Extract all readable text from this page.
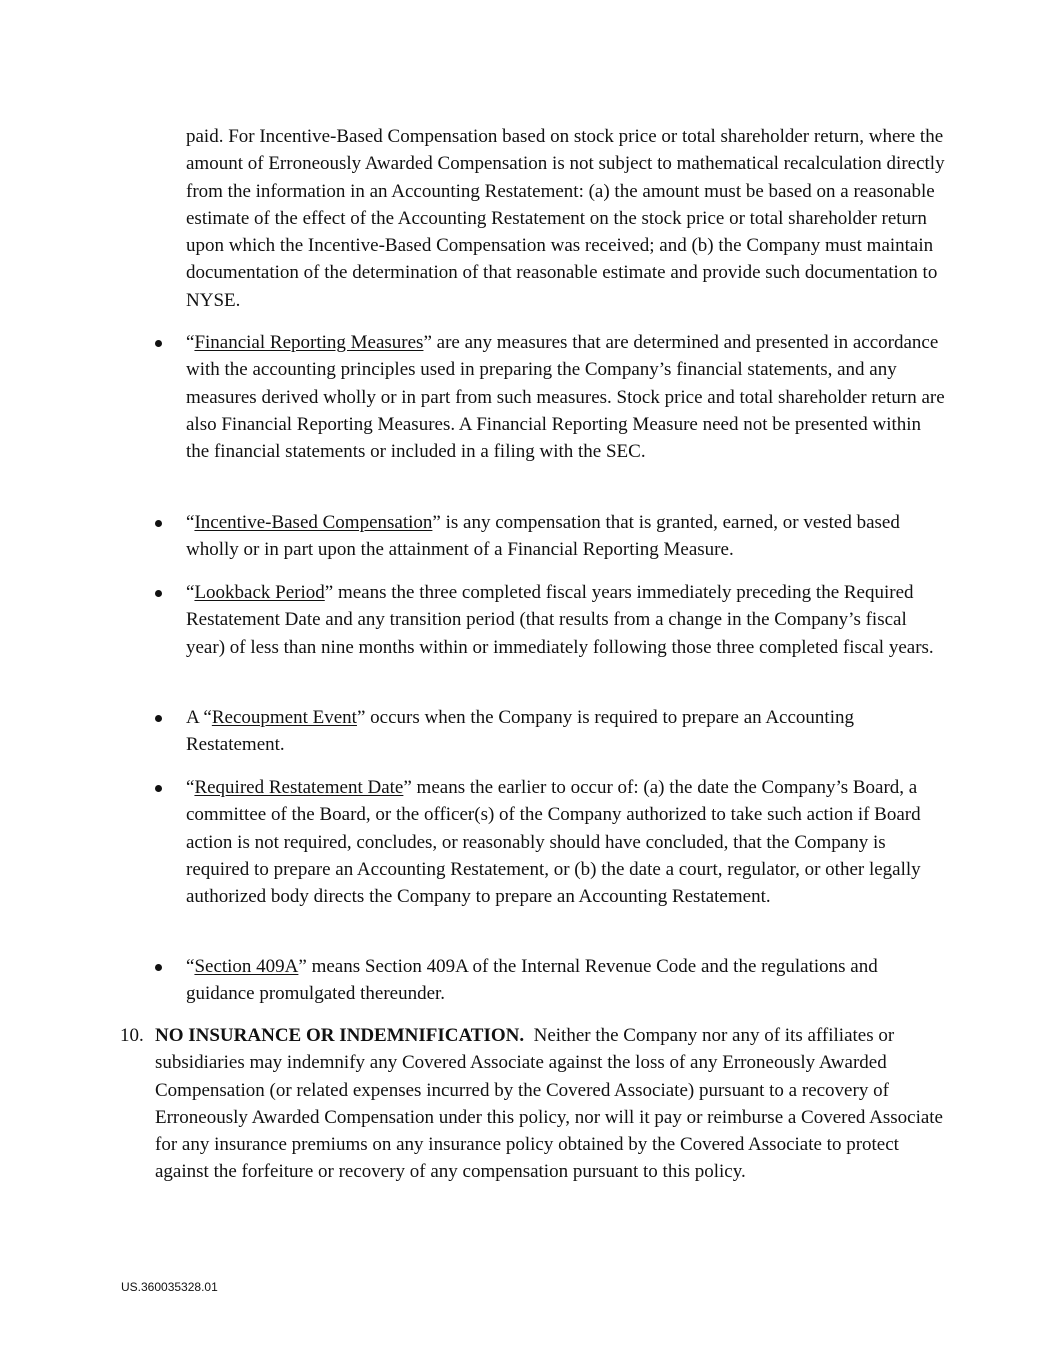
paid. For Incentive-Based Compensation based on stock price or total shareholder return, where the amount of Erroneously Awarded Compensation is not subject to mathematical recalculation directly from the information in an Accounting Restatement: (a) the amount must be based on a reasonable estimate of the effect of the Accounting Restatement on the stock price or total shareholder return upon which the Incentive-Based Compensation was received; and (b) the Company must maintain documentation of the determination of that reasonable estimate and provide such documentation to NYSE.

“Financial Reporting Measures” are any measures that are determined and presented in accordance with the accounting principles used in preparing the Company’s financial statements, and any measures derived wholly or in part from such measures. Stock price and total shareholder return are also Financial Reporting Measures. A Financial Reporting Measure need not be presented within the financial statements or included in a filing with the SEC.
“Incentive-Based Compensation” is any compensation that is granted, earned, or vested based wholly or in part upon the attainment of a Financial Reporting Measure.
“Lookback Period” means the three completed fiscal years immediately preceding the Required Restatement Date and any transition period (that results from a change in the Company’s fiscal year) of less than nine months within or immediately following those three completed fiscal years.
A “Recoupment Event” occurs when the Company is required to prepare an Accounting Restatement.
“Required Restatement Date” means the earlier to occur of: (a) the date the Company’s Board, a committee of the Board, or the officer(s) of the Company authorized to take such action if Board action is not required, concludes, or reasonably should have concluded, that the Company is required to prepare an Accounting Restatement, or (b) the date a court, regulator, or other legally authorized body directs the Company to prepare an Accounting Restatement.
“Section 409A” means Section 409A of the Internal Revenue Code and the regulations and guidance promulgated thereunder.
10. NO INSURANCE OR INDEMNIFICATION.  Neither the Company nor any of its affiliates or subsidiaries may indemnify any Covered Associate against the loss of any Erroneously Awarded Compensation (or related expenses incurred by the Covered Associate) pursuant to a recovery of Erroneously Awarded Compensation under this policy, nor will it pay or reimburse a Covered Associate for any insurance premiums on any insurance policy obtained by the Covered Associate to protect against the forfeiture or recovery of any compensation pursuant to this policy.
US.360035328.01
